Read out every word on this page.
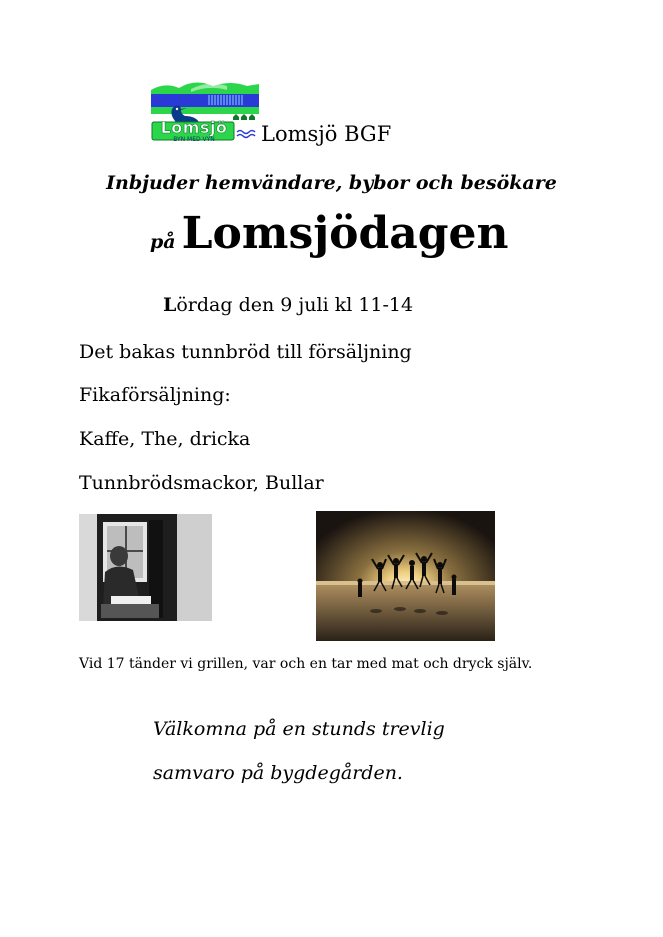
Lomsjö
BYN MED VYN	Lomsjö BGF
Inbjuder hemvändare, bybor och besökare
på Lomsjödagen
Lördag den 9 juli kl 11-14
Det bakas tunnbröd till försäljning
Fikaförsäljning:
Kaffe, The, dricka
Tunnbrödsmackor, Bullar
Vid 17 tänder vi grillen, var och en tar med mat och dryck själv.
Välkomna på en stunds trevlig
samvaro på bygdegården.
